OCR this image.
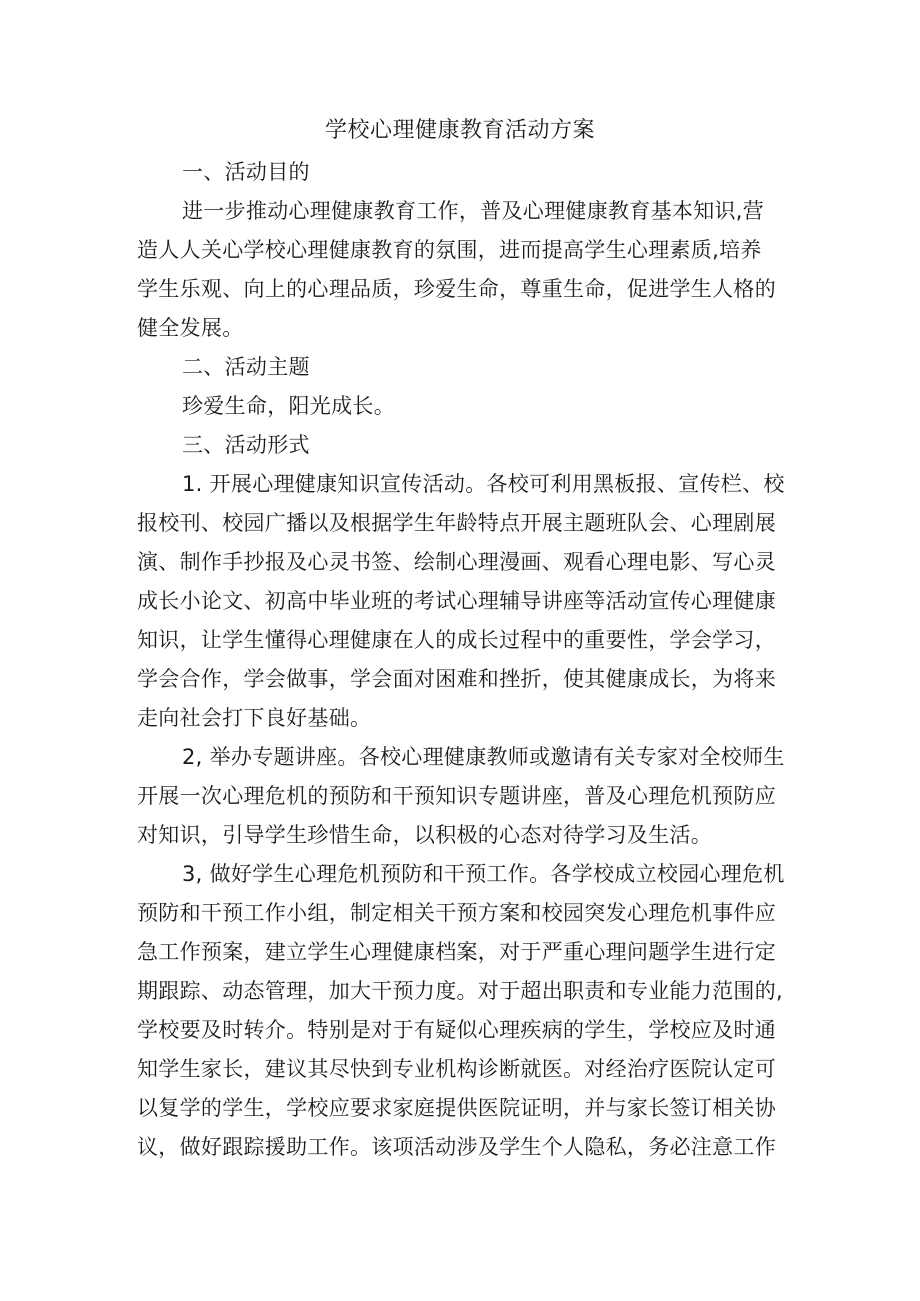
学校心理健康教育活动方案
一、活动目的
进一步推动心理健康教育工作，普及心理健康教育基本知识,营
造人人关心学校心理健康教育的氛围，进而提高学生心理素质,培养
学生乐观、向上的心理品质，珍爱生命，尊重生命，促进学生人格的
健全发展。
二、活动主题
珍爱生命，阳光成长。
三、活动形式
1. 开展心理健康知识宣传活动。各校可利用黑板报、宣传栏、校
报校刊、校园广播以及根据学生年龄特点开展主题班队会、心理剧展
演、制作手抄报及心灵书签、绘制心理漫画、观看心理电影、写心灵
成长小论文、初高中毕业班的考试心理辅导讲座等活动宣传心理健康
知识，让学生懂得心理健康在人的成长过程中的重要性，学会学习，
学会合作，学会做事，学会面对困难和挫折，使其健康成长，为将来
走向社会打下良好基础。
2, 举办专题讲座。各校心理健康教师或邀请有关专家对全校师生
开展一次心理危机的预防和干预知识专题讲座，普及心理危机预防应
对知识，引导学生珍惜生命，以积极的心态对待学习及生活。
3, 做好学生心理危机预防和干预工作。各学校成立校园心理危机
预防和干预工作小组，制定相关干预方案和校园突发心理危机事件应
急工作预案，建立学生心理健康档案，对于严重心理问题学生进行定
期跟踪、动态管理，加大干预力度。对于超出职责和专业能力范围的,
学校要及时转介。特别是对于有疑似心理疾病的学生，学校应及时通
知学生家长，建议其尽快到专业机构诊断就医。对经治疗医院认定可
以复学的学生，学校应要求家庭提供医院证明，并与家长签订相关协
议，做好跟踪援助工作。该项活动涉及学生个人隐私，务必注意工作
